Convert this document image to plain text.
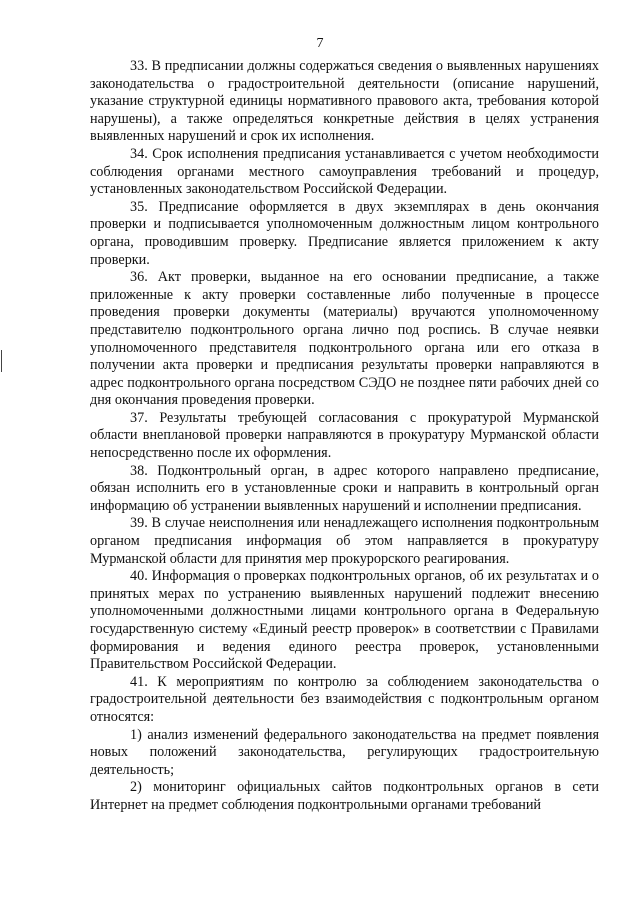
7

33. В предписании должны содержаться сведения о выявленных нарушениях законодательства о градостроительной деятельности (описание нарушений, указание структурной единицы нормативного правового акта, требования которой нарушены), а также определяться конкретные действия в целях устранения выявленных нарушений и срок их исполнения.

34. Срок исполнения предписания устанавливается с учетом необходимости соблюдения органами местного самоуправления требований и процедур, установленных законодательством Российской Федерации.

35. Предписание оформляется в двух экземплярах в день окончания проверки и подписывается уполномоченным должностным лицом контрольного органа, проводившим проверку. Предписание является приложением к акту проверки.

36. Акт проверки, выданное на его основании предписание, а также приложенные к акту проверки составленные либо полученные в процессе проведения проверки документы (материалы) вручаются уполномоченному представителю подконтрольного органа лично под роспись. В случае неявки уполномоченного представителя подконтрольного органа или его отказа в получении акта проверки и предписания результаты проверки направляются в адрес подконтрольного органа посредством СЭДО не позднее пяти рабочих дней со дня окончания проведения проверки.

37. Результаты требующей согласования с прокуратурой Мурманской области внеплановой проверки направляются в прокуратуру Мурманской области непосредственно после их оформления.

38. Подконтрольный орган, в адрес которого направлено предписание, обязан исполнить его в установленные сроки и направить в контрольный орган информацию об устранении выявленных нарушений и исполнении предписания.

39. В случае неисполнения или ненадлежащего исполнения подконтрольным органом предписания информация об этом направляется в прокуратуру Мурманской области для принятия мер прокурорского реагирования.

40. Информация о проверках подконтрольных органов, об их результатах и о принятых мерах по устранению выявленных нарушений подлежит внесению уполномоченными должностными лицами контрольного органа в Федеральную государственную систему «Единый реестр проверок» в соответствии с Правилами формирования и ведения единого реестра проверок, установленными Правительством Российской Федерации.

41. К мероприятиям по контролю за соблюдением законодательства о градостроительной деятельности без взаимодействия с подконтрольным органом относятся:

1) анализ изменений федерального законодательства на предмет появления новых положений законодательства, регулирующих градостроительную деятельность;

2) мониторинг официальных сайтов подконтрольных органов в сети Интернет на предмет соблюдения подконтрольными органами требований
